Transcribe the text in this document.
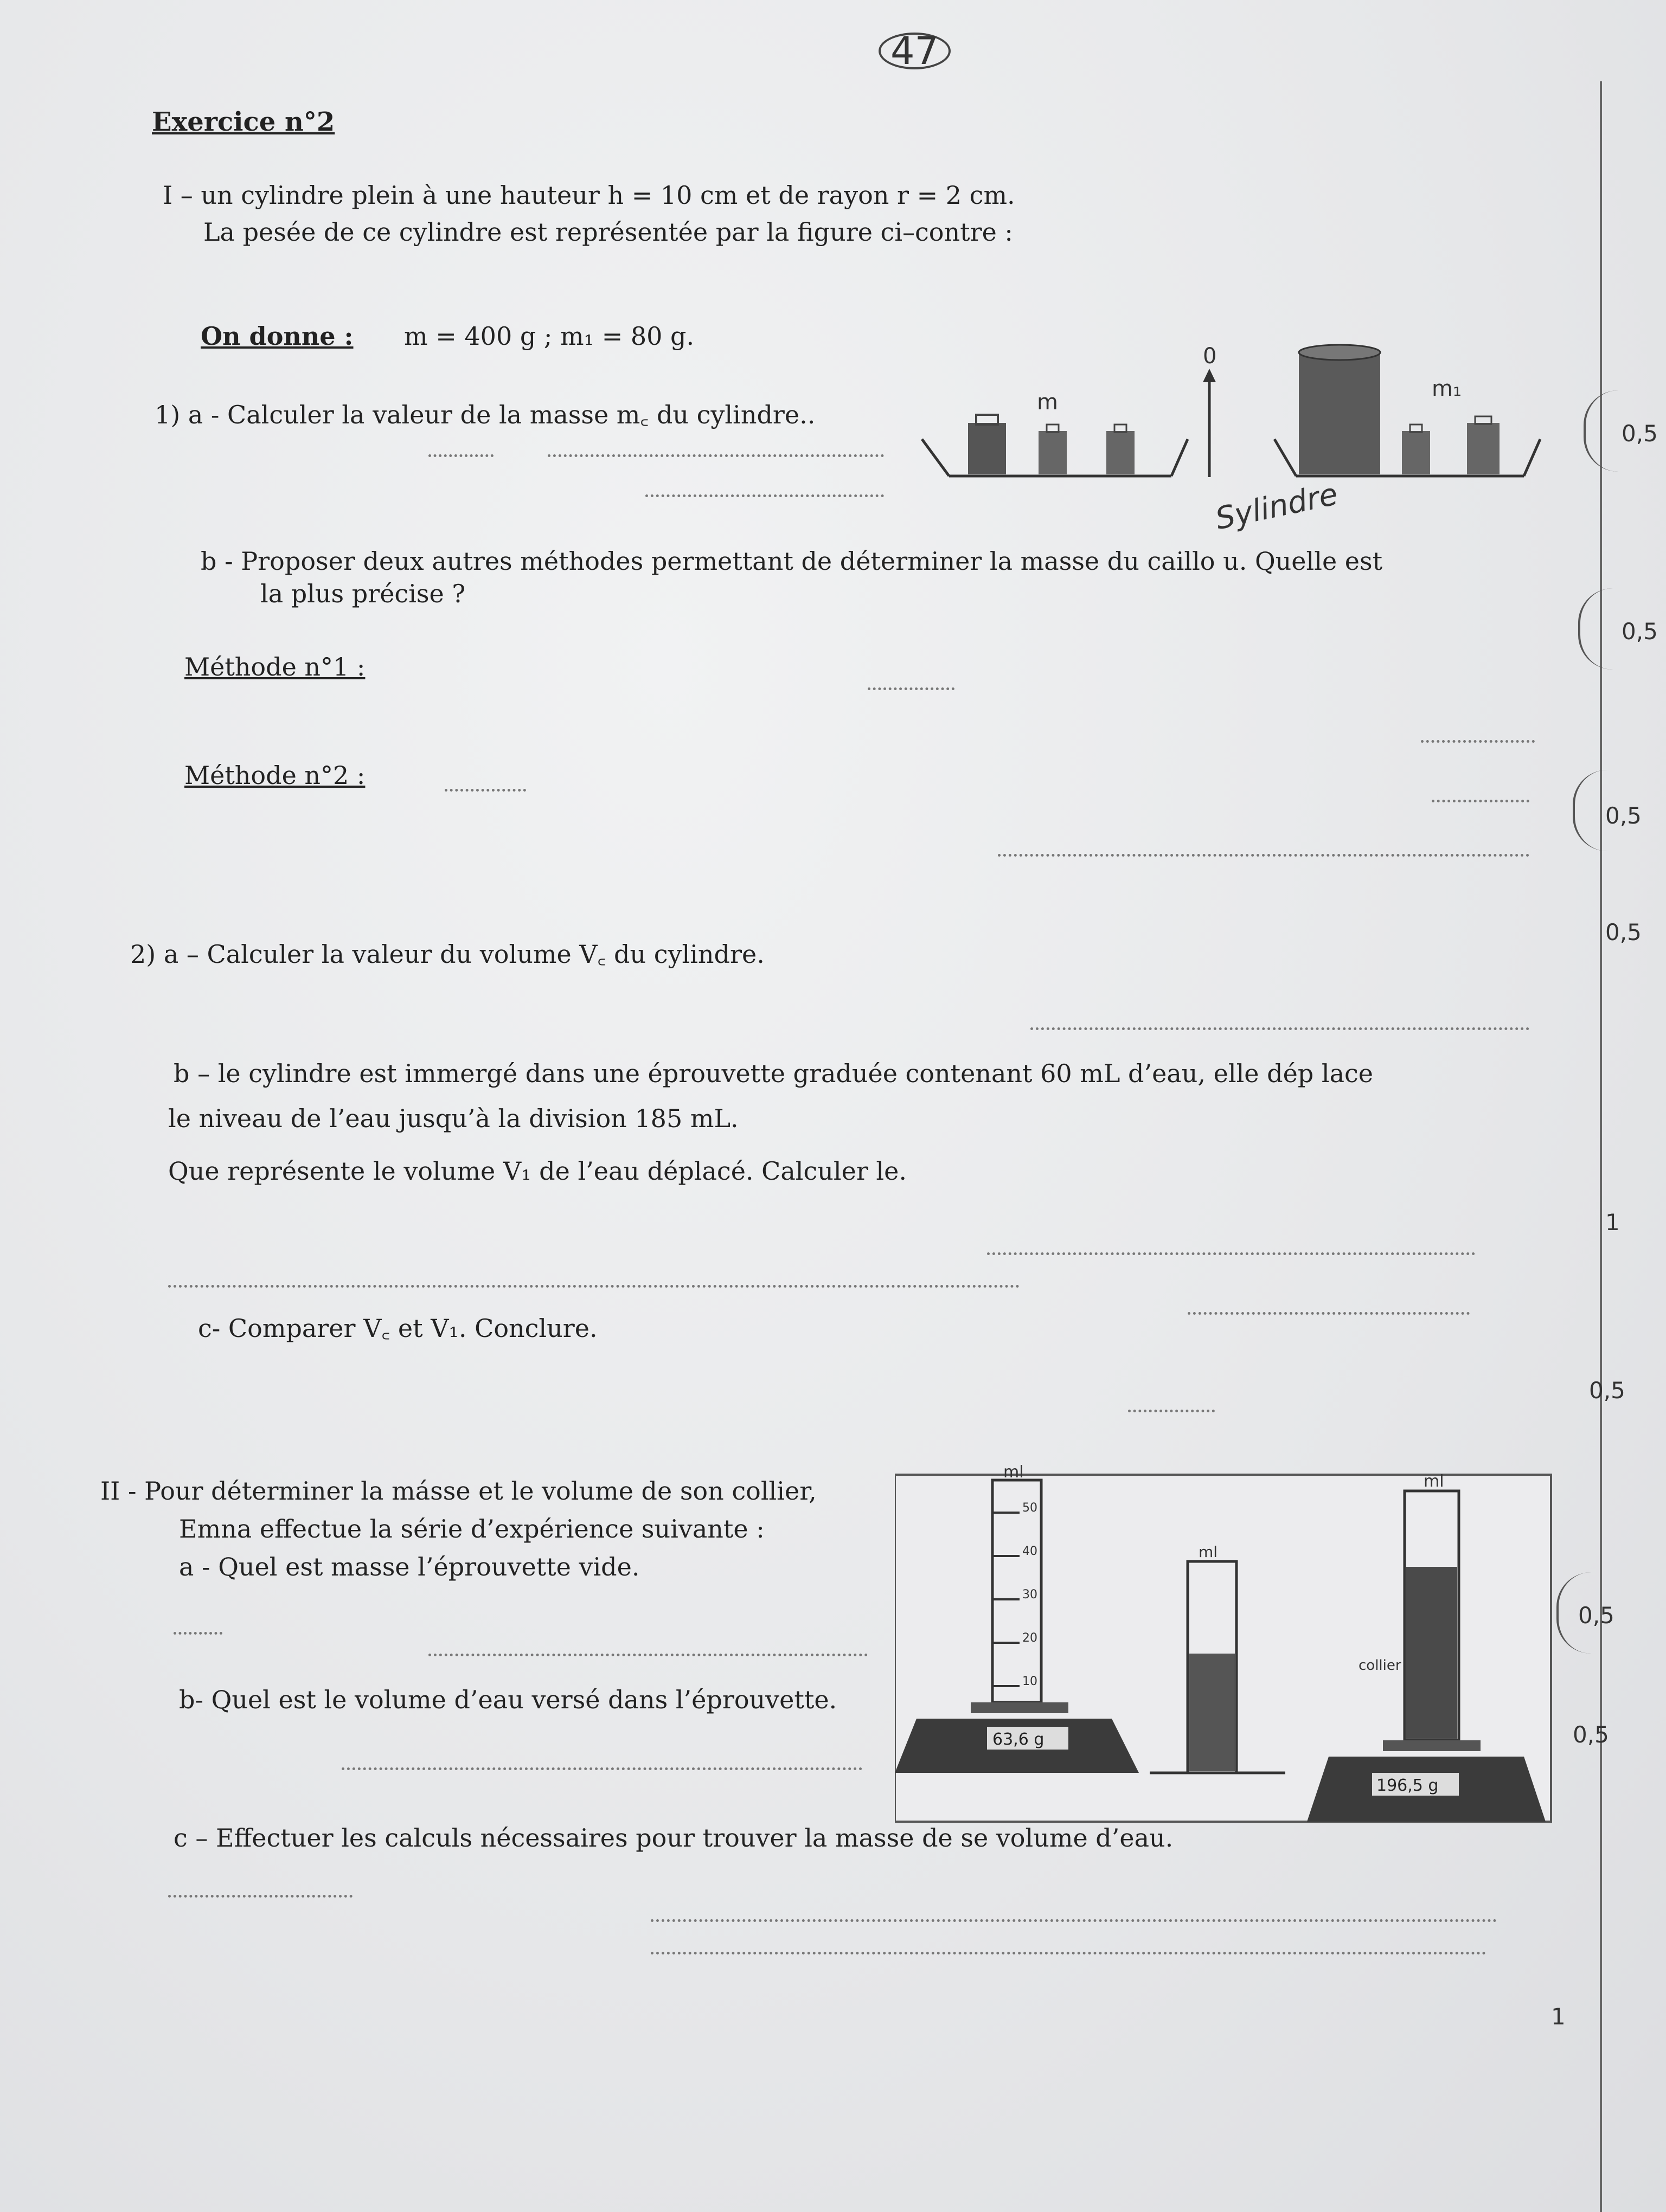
47
Exercice n°2
I – un cylindre plein à une hauteur h = 10 cm et de rayon r = 2 cm.
La pesée de ce cylindre est représentée par la figure ci–contre :
On donne : m = 400 g ; m₁ = 80 g.
1) a - Calculer la valeur de la masse m꜀ du cylindre..	m
0
m₁
Sylindre
b - Proposer deux autres méthodes permettant de déterminer la masse du caillo u. Quelle est
la plus précise ?
Méthode n°1 :
Méthode n°2 :
2) a – Calculer la valeur du volume V꜀ du cylindre.
b – le cylindre est immergé dans une éprouvette graduée contenant 60 mL d’eau, elle dép lace
le niveau de l’eau jusqu’à la division 185 mL.
Que représente le volume V₁ de l’eau déplacé. Calculer le.
c- Comparer V꜀ et V₁. Conclure.
II - Pour déterminer la másse et le volume de son collier,
Emna effectue la série d’expérience suivante :
a - Quel est masse l’éprouvette vide.
b- Quel est le volume d’eau versé dans l’éprouvette.
c – Effectuer les calculs nécessaires pour trouver la masse de se volume d’eau.
ml
50
40
30
20
10
63,6 g
ml
ml
collier
196,5 g
0,5
0,5
0,5
0,5
1
0,5
0,5
0,5
1
